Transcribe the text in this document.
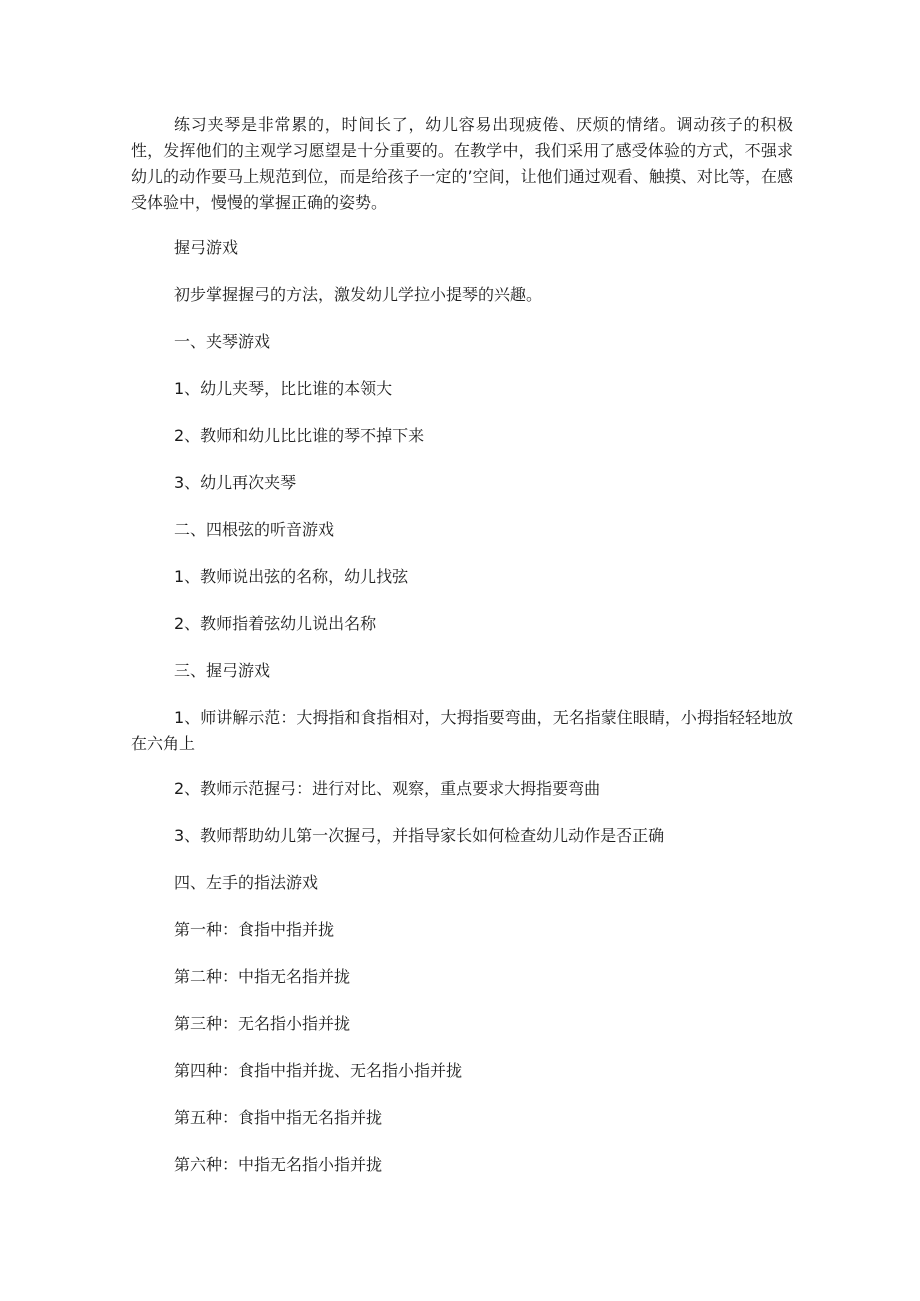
练习夹琴是非常累的，时间长了，幼儿容易出现疲倦、厌烦的情绪。调动孩子的积极性，发挥他们的主观学习愿望是十分重要的。在教学中，我们采用了感受体验的方式，不强求幼儿的动作要马上规范到位，而是给孩子一定的’空间，让他们通过观看、触摸、对比等，在感受体验中，慢慢的掌握正确的姿势。

握弓游戏
初步掌握握弓的方法，激发幼儿学拉小提琴的兴趣。
一、夹琴游戏
1、幼儿夹琴，比比谁的本领大
2、教师和幼儿比比谁的琴不掉下来
3、幼儿再次夹琴
二、四根弦的听音游戏
1、教师说出弦的名称，幼儿找弦
2、教师指着弦幼儿说出名称
三、握弓游戏

1、师讲解示范：大拇指和食指相对，大拇指要弯曲，无名指蒙住眼睛，小拇指轻轻地放在六角上

2、教师示范握弓：进行对比、观察，重点要求大拇指要弯曲
3、教师帮助幼儿第一次握弓，并指导家长如何检查幼儿动作是否正确
四、左手的指法游戏
第一种：食指中指并拢
第二种：中指无名指并拢
第三种：无名指小指并拢
第四种：食指中指并拢、无名指小指并拢
第五种：食指中指无名指并拢
第六种：中指无名指小指并拢
